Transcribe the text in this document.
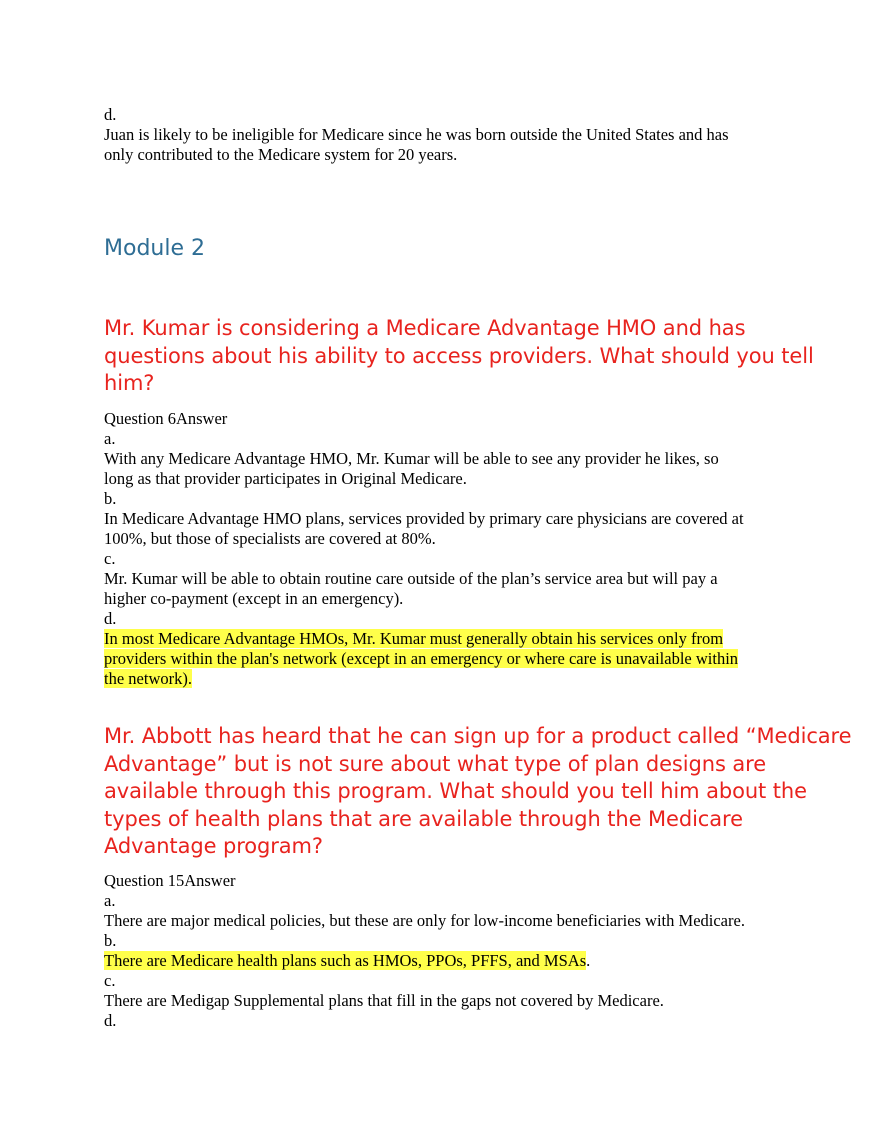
d.
Juan is likely to be ineligible for Medicare since he was born outside the United States and has
only contributed to the Medicare system for 20 years.
Module 2
Mr. Kumar is considering a Medicare Advantage HMO and has
questions about his ability to access providers. What should you tell
him?
Question 6Answer
a.
With any Medicare Advantage HMO, Mr. Kumar will be able to see any provider he likes, so
long as that provider participates in Original Medicare.
b.
In Medicare Advantage HMO plans, services provided by primary care physicians are covered at
100%, but those of specialists are covered at 80%.
c.
Mr. Kumar will be able to obtain routine care outside of the plan’s service area but will pay a
higher co-payment (except in an emergency).
d.
In most Medicare Advantage HMOs, Mr. Kumar must generally obtain his services only from
providers within the plan's network (except in an emergency or where care is unavailable within
the network).
Mr. Abbott has heard that he can sign up for a product called “Medicare
Advantage” but is not sure about what type of plan designs are
available through this program. What should you tell him about the
types of health plans that are available through the Medicare
Advantage program?
Question 15Answer
a.
There are major medical policies, but these are only for low-income beneficiaries with Medicare.
b.
There are Medicare health plans such as HMOs, PPOs, PFFS, and MSAs.
c.
There are Medigap Supplemental plans that fill in the gaps not covered by Medicare.
d.
